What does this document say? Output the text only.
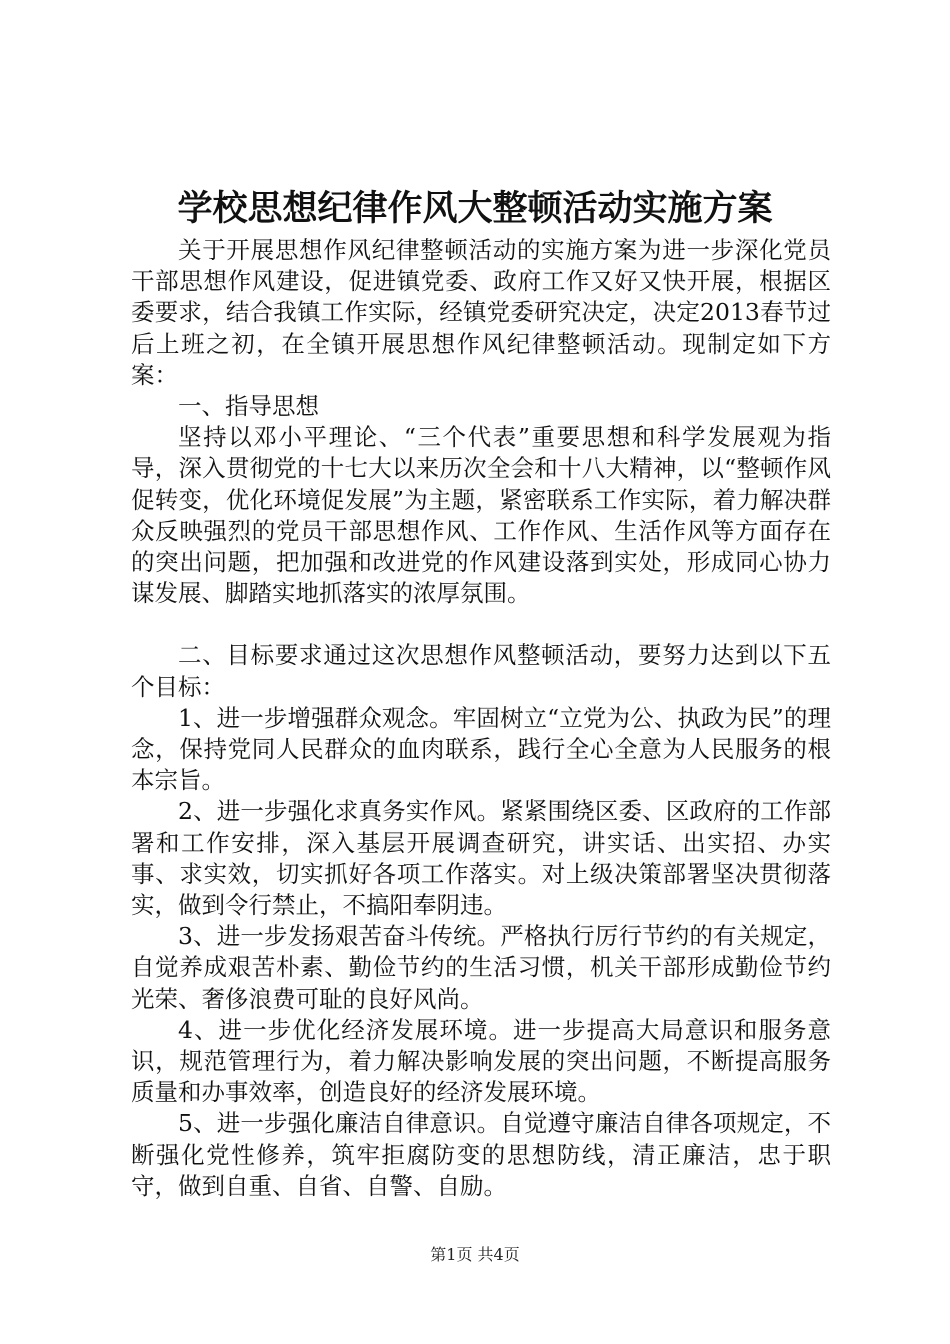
学校思想纪律作风大整顿活动实施方案

关于开展思想作风纪律整顿活动的实施方案为进一步深化党员干部思想作风建设，促进镇党委、政府工作又好又快开展，根据区委要求，结合我镇工作实际，经镇党委研究决定，决定2013春节过后上班之初，在全镇开展思想作风纪律整顿活动。现制定如下方案：

一、指导思想

坚持以邓小平理论、“三个代表”重要思想和科学发展观为指导，深入贯彻党的十七大以来历次全会和十八大精神，以“整顿作风促转变，优化环境促发展”为主题，紧密联系工作实际，着力解决群众反映强烈的党员干部思想作风、工作作风、生活作风等方面存在的突出问题，把加强和改进党的作风建设落到实处，形成同心协力谋发展、脚踏实地抓落实的浓厚氛围。

二、目标要求通过这次思想作风整顿活动，要努力达到以下五个目标：

1、进一步增强群众观念。牢固树立“立党为公、执政为民”的理念，保持党同人民群众的血肉联系，践行全心全意为人民服务的根本宗旨。

2、进一步强化求真务实作风。紧紧围绕区委、区政府的工作部署和工作安排，深入基层开展调查研究，讲实话、出实招、办实事、求实效，切实抓好各项工作落实。对上级决策部署坚决贯彻落实，做到令行禁止，不搞阳奉阴违。

3、进一步发扬艰苦奋斗传统。严格执行厉行节约的有关规定，自觉养成艰苦朴素、勤俭节约的生活习惯，机关干部形成勤俭节约光荣、奢侈浪费可耻的良好风尚。

4、进一步优化经济发展环境。进一步提高大局意识和服务意识，规范管理行为，着力解决影响发展的突出问题，不断提高服务质量和办事效率，创造良好的经济发展环境。

5、进一步强化廉洁自律意识。自觉遵守廉洁自律各项规定，不断强化党性修养，筑牢拒腐防变的思想防线，清正廉洁，忠于职守，做到自重、自省、自警、自励。

第1页 共4页
